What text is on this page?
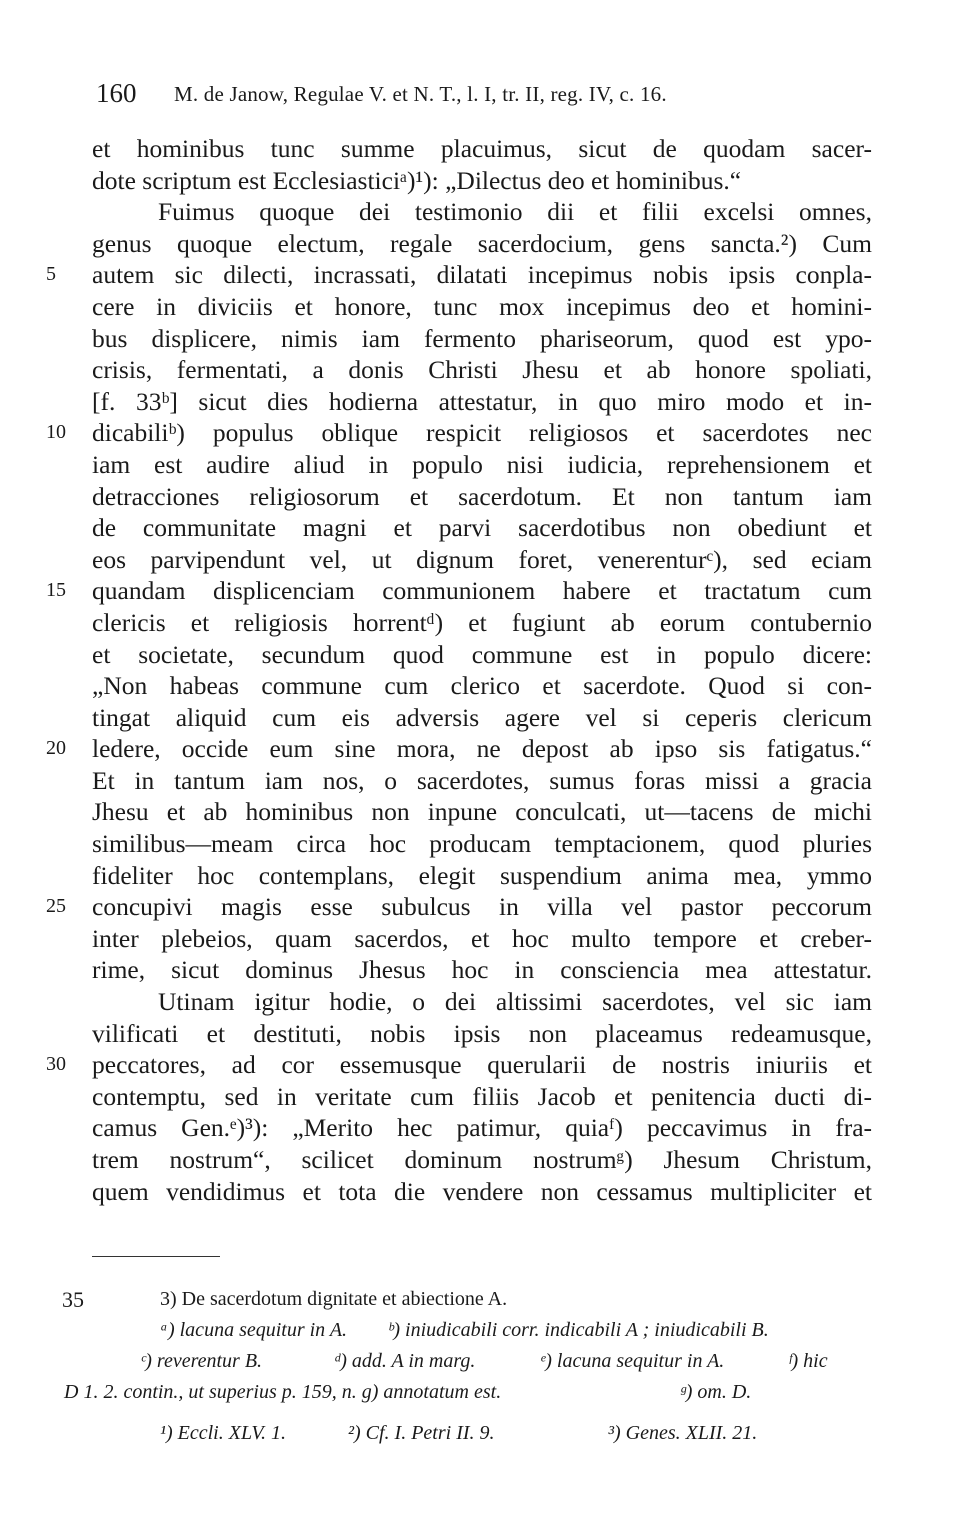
160 M. de Janow, Regulae V. et N. T., l. I, tr. II, reg. IV, c. 16.
et hominibus tunc summe placuimus, sicut de quodam sacer-
dote scriptum est Ecclesiasticiᵃ)¹): „Dilectus deo et hominibus.“
Fuimus quoque dei testimonio dii et filii excelsi omnes,
genus quoque electum, regale sacerdocium, gens sancta.²) Cum
5	autem sic dilecti, incrassati, dilatati incepimus nobis ipsis conpla-
cere in diviciis et honore, tunc mox incepimus deo et homini-
bus displicere, nimis iam fermento phariseorum, quod est ypo-
crisis, fermentati, a donis Christi Jhesu et ab honore spoliati,
[f. 33ᵇ] sicut dies hodierna attestatur, in quo miro modo et in-
10	dicabiliᵇ) populus oblique respicit religiosos et sacerdotes nec
iam est audire aliud in populo nisi iudicia, reprehensionem et
detracciones religiosorum et sacerdotum. Et non tantum iam
de communitate magni et parvi sacerdotibus non obediunt et
eos parvipendunt vel, ut dignum foret, venerenturᶜ), sed eciam
15	quandam displicenciam communionem habere et tractatum cum
clericis et religiosis horrentᵈ) et fugiunt ab eorum contubernio
et societate, secundum quod commune est in populo dicere:
„Non habeas commune cum clerico et sacerdote. Quod si con-
tingat aliquid cum eis adversis agere vel si ceperis clericum
20	ledere, occide eum sine mora, ne depost ab ipso sis fatigatus.“
Et in tantum iam nos, o sacerdotes, sumus foras missi a gracia
Jhesu et ab hominibus non inpune conculcati, ut—tacens de michi
similibus—meam circa hoc producam temptacionem, quod pluries
fideliter hoc contemplans, elegit suspendium anima mea, ymmo
25	concupivi magis esse subulcus in villa vel pastor peccorum
inter plebeios, quam sacerdos, et hoc multo tempore et creber-
rime, sicut dominus Jhesus hoc in consciencia mea attestatur.
Utinam igitur hodie, o dei altissimi sacerdotes, vel sic iam
vilificati et destituti, nobis ipsis non placeamus redeamusque,
30	peccatores, ad cor essemusque querularii de nostris iniuriis et
contemptu, sed in veritate cum filiis Jacob et penitencia ducti di-
camus Gen.ᵉ)³): „Merito hec patimur, quiaᶠ) peccavimus in fra-
trem nostrum“, scilicet dominum nostrumᵍ) Jhesum Christum,
quem vendidimus et tota die vendere non cessamus multipliciter et
35	3) De sacerdotum dignitate et abiectione A.
ᵃ) lacuna sequitur in A. ᵇ) iniudicabili corr. indicabili A ; iniudicabili B.
ᶜ) reverentur B.	ᵈ) add. A in marg.	ᵉ) lacuna sequitur in A.	ᶠ) hic
D 1. 2. contin., ut superius p. 159, n. g) annotatum est.	ᵍ) om. D.
¹) Eccli. XLV. 1.	²) Cf. I. Petri II. 9.	³) Genes. XLII. 21.
